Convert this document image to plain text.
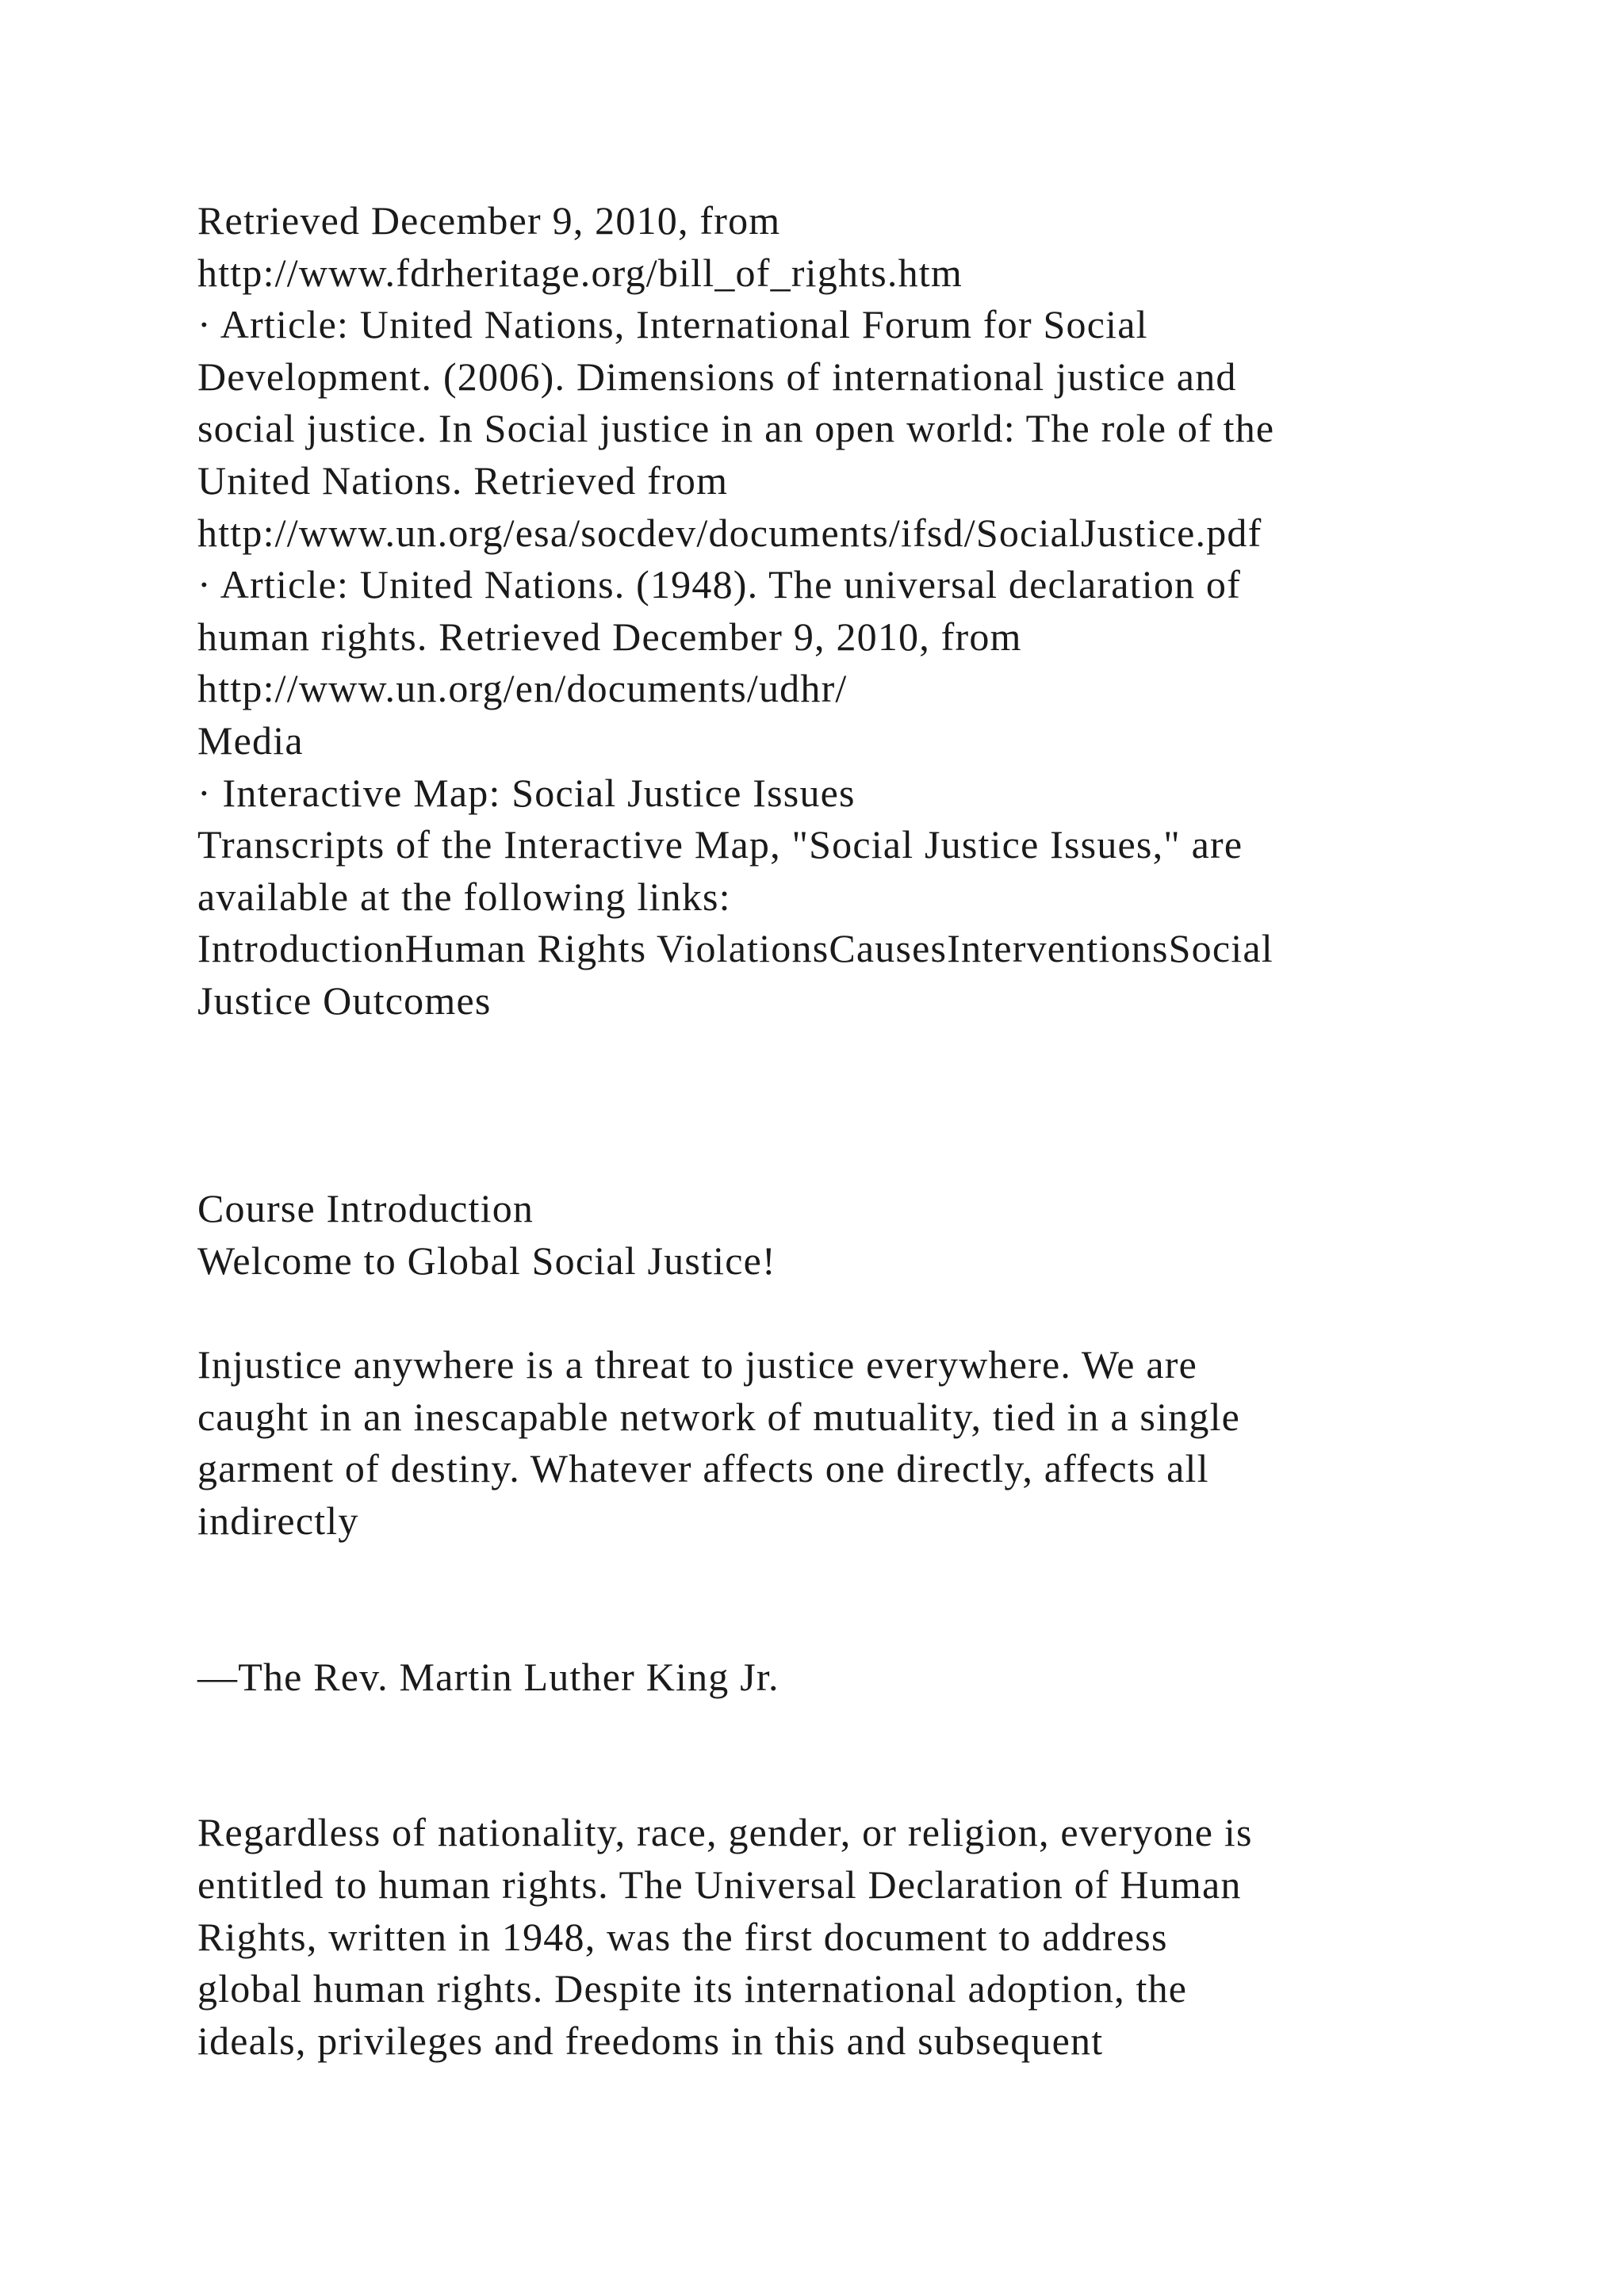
Retrieved December 9, 2010, from
http://www.fdrheritage.org/bill_of_rights.htm
· Article: United Nations, International Forum for Social
Development. (2006). Dimensions of international justice and
social justice. In Social justice in an open world: The role of the
United Nations. Retrieved from
http://www.un.org/esa/socdev/documents/ifsd/SocialJustice.pdf
· Article: United Nations. (1948). The universal declaration of
human rights. Retrieved December 9, 2010, from
http://www.un.org/en/documents/udhr/
Media
· Interactive Map: Social Justice Issues
Transcripts of the Interactive Map, "Social Justice Issues," are
available at the following links:
IntroductionHuman Rights ViolationsCausesInterventionsSocial
Justice Outcomes
Course Introduction
Welcome to Global Social Justice!
Injustice anywhere is a threat to justice everywhere. We are
caught in an inescapable network of mutuality, tied in a single
garment of destiny. Whatever affects one directly, affects all
indirectly
—The Rev. Martin Luther King Jr.
Regardless of nationality, race, gender, or religion, everyone is
entitled to human rights. The Universal Declaration of Human
Rights, written in 1948, was the first document to address
global human rights. Despite its international adoption, the
ideals, privileges and freedoms in this and subsequent
